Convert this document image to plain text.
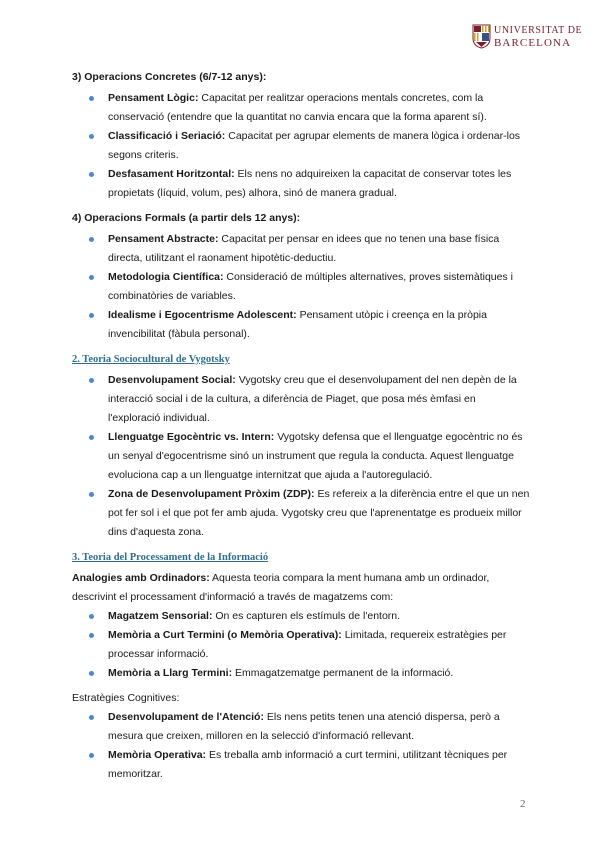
UNIVERSITAT DE
BARCELONA

3) Operacions Concretes (6/7-12 anys):

Pensament Lògic: Capacitat per realitzar operacions mentals concretes, com la conservació (entendre que la quantitat no canvia encara que la forma aparent sí).
Classificació i Seriació: Capacitat per agrupar elements de manera lògica i ordenar-los segons criteris.
Desfasament Horitzontal: Els nens no adquireixen la capacitat de conservar totes les propietats (líquid, volum, pes) alhora, sinó de manera gradual.

4) Operacions Formals (a partir dels 12 anys):

Pensament Abstracte: Capacitat per pensar en idees que no tenen una base física directa, utilitzant el raonament hipotètic-deductiu.
Metodologia Científica: Consideració de múltiples alternatives, proves sistemàtiques i combinatòries de variables.
Idealisme i Egocentrisme Adolescent: Pensament utòpic i creença en la pròpia invencibilitat (fàbula personal).

2. Teoria Sociocultural de Vygotsky

Desenvolupament Social: Vygotsky creu que el desenvolupament del nen depèn de la interacció social i de la cultura, a diferència de Piaget, que posa més èmfasi en l'exploració individual.
Llenguatge Egocèntric vs. Intern: Vygotsky defensa que el llenguatge egocèntric no és un senyal d'egocentrisme sinó un instrument que regula la conducta. Aquest llenguatge evoluciona cap a un llenguatge internitzat que ajuda a l'autoregulació.
Zona de Desenvolupament Pròxim (ZDP): Es refereix a la diferència entre el que un nen pot fer sol i el que pot fer amb ajuda. Vygotsky creu que l'aprenentatge es produeix millor dins d'aquesta zona.

3. Teoria del Processament de la Informació

Analogies amb Ordinadors: Aquesta teoria compara la ment humana amb un ordinador, descrivint el processament d'informació a través de magatzems com:

Magatzem Sensorial: On es capturen els estímuls de l'entorn.
Memòria a Curt Termini (o Memòria Operativa): Limitada, requereix estratègies per processar informació.
Memòria a Llarg Termini: Emmagatzematge permanent de la informació.

Estratègies Cognitives:

Desenvolupament de l'Atenció: Els nens petits tenen una atenció dispersa, però a mesura que creixen, milloren en la selecció d'informació rellevant.
Memòria Operativa: Es treballa amb informació a curt termini, utilitzant tècniques per memoritzar.
2
